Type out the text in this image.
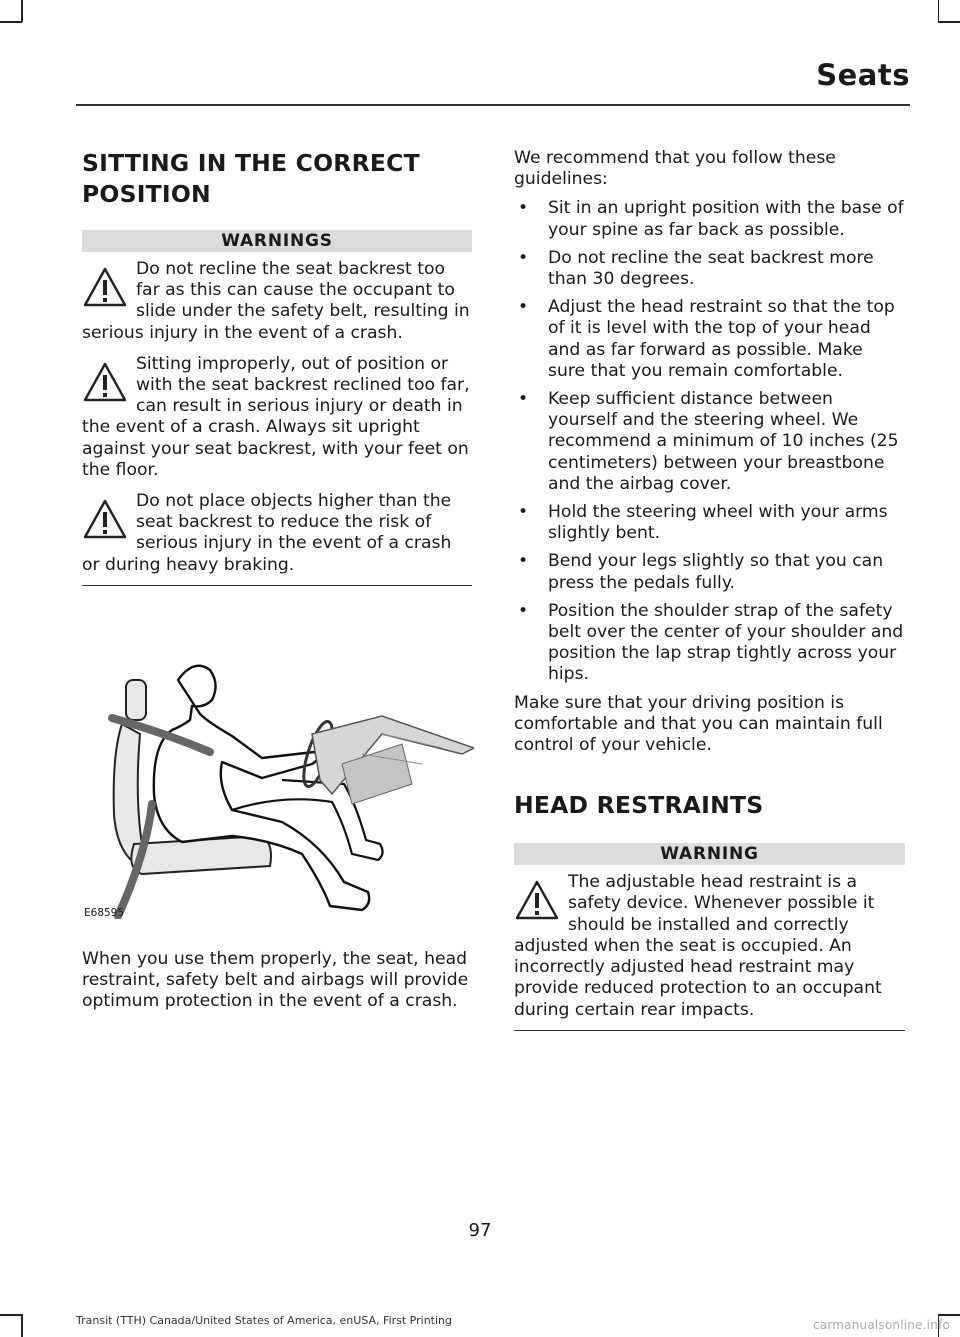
Seats
SITTING IN THE CORRECT POSITION
WARNINGS
Do not recline the seat backrest too far as this can cause the occupant to slide under the safety belt, resulting in serious injury in the event of a crash.
Sitting improperly, out of position or with the seat backrest reclined too far, can result in serious injury or death in the event of a crash. Always sit upright against your seat backrest, with your feet on the floor.
Do not place objects higher than the seat backrest to reduce the risk of serious injury in the event of a crash or during heavy braking.
E68595

When you use them properly, the seat, head restraint, safety belt and airbags will provide optimum protection in the event of a crash.

We recommend that you follow these guidelines:

• Sit in an upright position with the base of your spine as far back as possible.
• Do not recline the seat backrest more than 30 degrees.
• Adjust the head restraint so that the top of it is level with the top of your head and as far forward as possible. Make sure that you remain comfortable.
• Keep sufficient distance between yourself and the steering wheel. We recommend a minimum of 10 inches (25 centimeters) between your breastbone and the airbag cover.
• Hold the steering wheel with your arms slightly bent.
• Bend your legs slightly so that you can press the pedals fully.
• Position the shoulder strap of the safety belt over the center of your shoulder and position the lap strap tightly across your hips.

Make sure that your driving position is comfortable and that you can maintain full control of your vehicle.

HEAD RESTRAINTS
WARNING
The adjustable head restraint is a safety device. Whenever possible it should be installed and correctly adjusted when the seat is occupied. An incorrectly adjusted head restraint may provide reduced protection to an occupant during certain rear impacts.
97
Transit (TTH) Canada/United States of America, enUSA, First Printing	carmanualsonline.info
